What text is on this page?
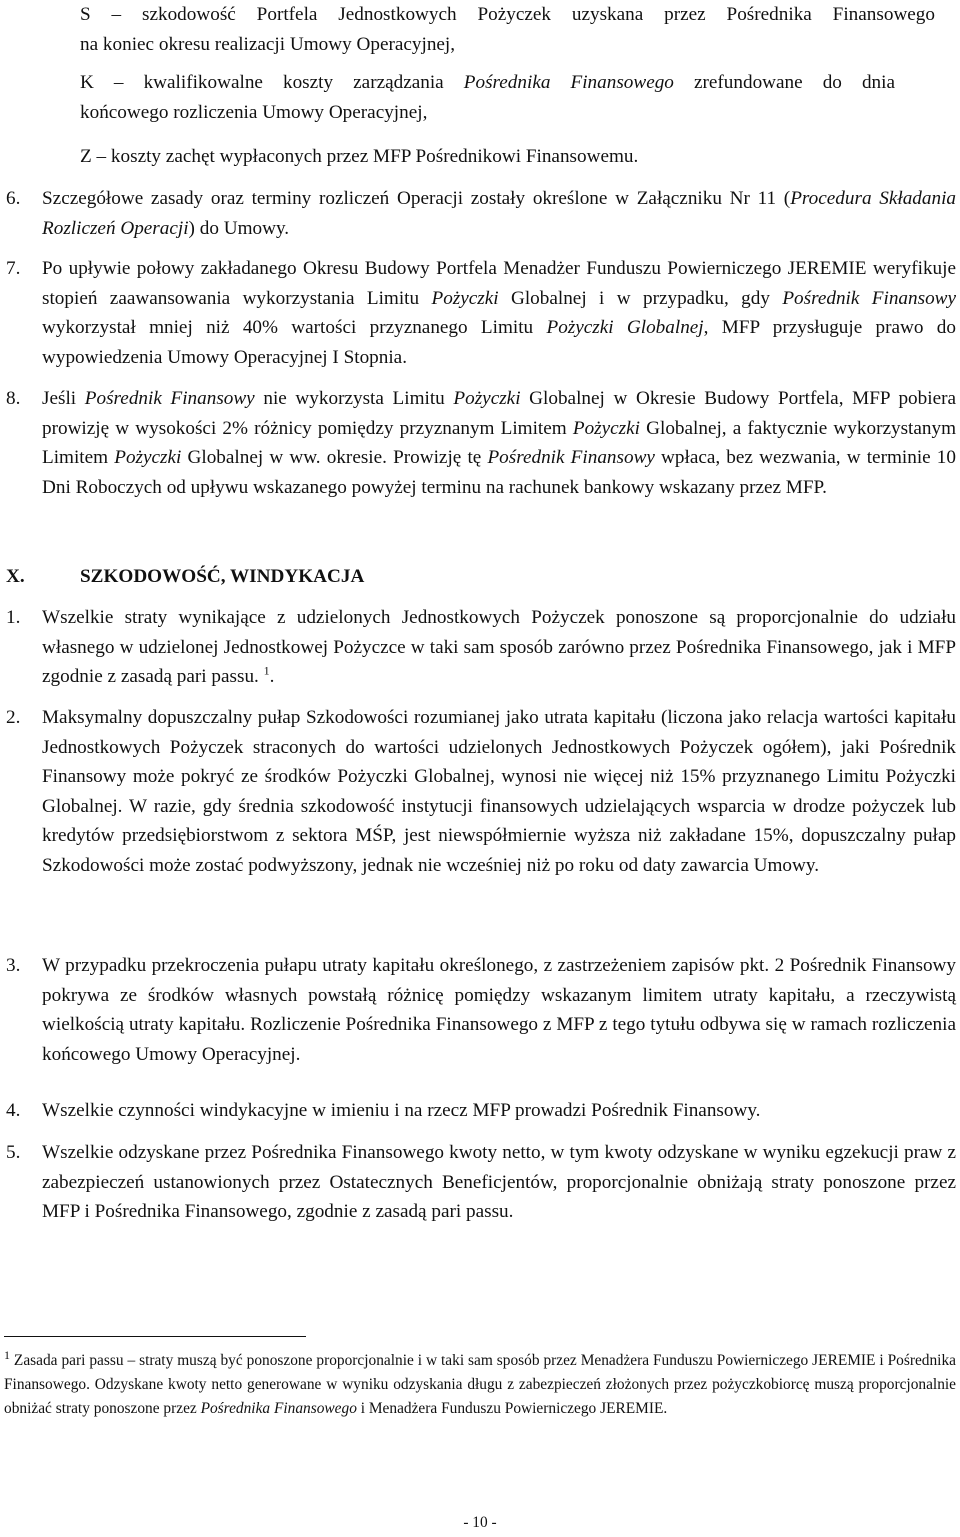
S – szkodowość Portfela Jednostkowych Pożyczek uzyskana przez Pośrednika Finansowego
na koniec okresu realizacji Umowy Operacyjnej,
K – kwalifikowalne koszty zarządzania Pośrednika Finansowego zrefundowane do dnia
końcowego rozliczenia Umowy Operacyjnej,
Z – koszty zachęt wypłaconych przez MFP Pośrednikowi Finansowemu.
6. Szczegółowe zasady oraz terminy rozliczeń Operacji zostały określone w Załączniku Nr 11 (Procedura Składania Rozliczeń Operacji) do Umowy.
7. Po upływie połowy zakładanego Okresu Budowy Portfela Menadżer Funduszu Powierniczego JEREMIE weryfikuje stopień zaawansowania wykorzystania Limitu Pożyczki Globalnej i w przypadku, gdy Pośrednik Finansowy wykorzystał mniej niż 40% wartości przyznanego Limitu Pożyczki Globalnej, MFP przysługuje prawo do wypowiedzenia Umowy Operacyjnej I Stopnia.
8. Jeśli Pośrednik Finansowy nie wykorzysta Limitu Pożyczki Globalnej w Okresie Budowy Portfela, MFP pobiera prowizję w wysokości 2% różnicy pomiędzy przyznanym Limitem Pożyczki Globalnej, a faktycznie wykorzystanym Limitem Pożyczki Globalnej w ww. okresie. Prowizję tę Pośrednik Finansowy wpłaca, bez wezwania, w terminie 10 Dni Roboczych od upływu wskazanego powyżej terminu na rachunek bankowy wskazany przez MFP.
X.	SZKODOWOŚĆ, WINDYKACJA
1. Wszelkie straty wynikające z udzielonych Jednostkowych Pożyczek ponoszone są proporcjonalnie do udziału własnego w udzielonej Jednostkowej Pożyczce w taki sam sposób zarówno przez Pośrednika Finansowego, jak i MFP zgodnie z zasadą pari passu. $^1$.
2. Maksymalny dopuszczalny pułap Szkodowości rozumianej jako utrata kapitału (liczona jako relacja wartości kapitału Jednostkowych Pożyczek straconych do wartości udzielonych Jednostkowych Pożyczek ogółem), jaki Pośrednik Finansowy może pokryć ze środków Pożyczki Globalnej, wynosi nie więcej niż 15% przyznanego Limitu Pożyczki Globalnej. W razie, gdy średnia szkodowość instytucji finansowych udzielających wsparcia w drodze pożyczek lub kredytów przedsiębiorstwom z sektora MŚP, jest niewspółmiernie wyższa niż zakładane 15%, dopuszczalny pułap Szkodowości może zostać podwyższony, jednak nie wcześniej niż po roku od daty zawarcia Umowy.
3. W przypadku przekroczenia pułapu utraty kapitału określonego, z zastrzeżeniem zapisów pkt. 2 Pośrednik Finansowy pokrywa ze środków własnych powstałą różnicę pomiędzy wskazanym limitem utraty kapitału, a rzeczywistą wielkością utraty kapitału. Rozliczenie Pośrednika Finansowego z MFP z tego tytułu odbywa się w ramach rozliczenia końcowego Umowy Operacyjnej.
4. Wszelkie czynności windykacyjne w imieniu i na rzecz MFP prowadzi Pośrednik Finansowy.
5. Wszelkie odzyskane przez Pośrednika Finansowego kwoty netto, w tym kwoty odzyskane w wyniku egzekucji praw z zabezpieczeń ustanowionych przez Ostatecznych Beneficjentów, proporcjonalnie obniżają straty ponoszone przez MFP i Pośrednika Finansowego, zgodnie z zasadą pari passu.
$^1$ Zasada pari passu – straty muszą być ponoszone proporcjonalnie i w taki sam sposób przez Menadżera Funduszu Powierniczego JEREMIE i Pośrednika Finansowego. Odzyskane kwoty netto generowane w wyniku odzyskania długu z zabezpieczeń złożonych przez pożyczkobiorcę muszą proporcjonalnie obniżać straty ponoszone przez Pośrednika Finansowego i Menadżera Funduszu Powierniczego JEREMIE.
- 10 -
